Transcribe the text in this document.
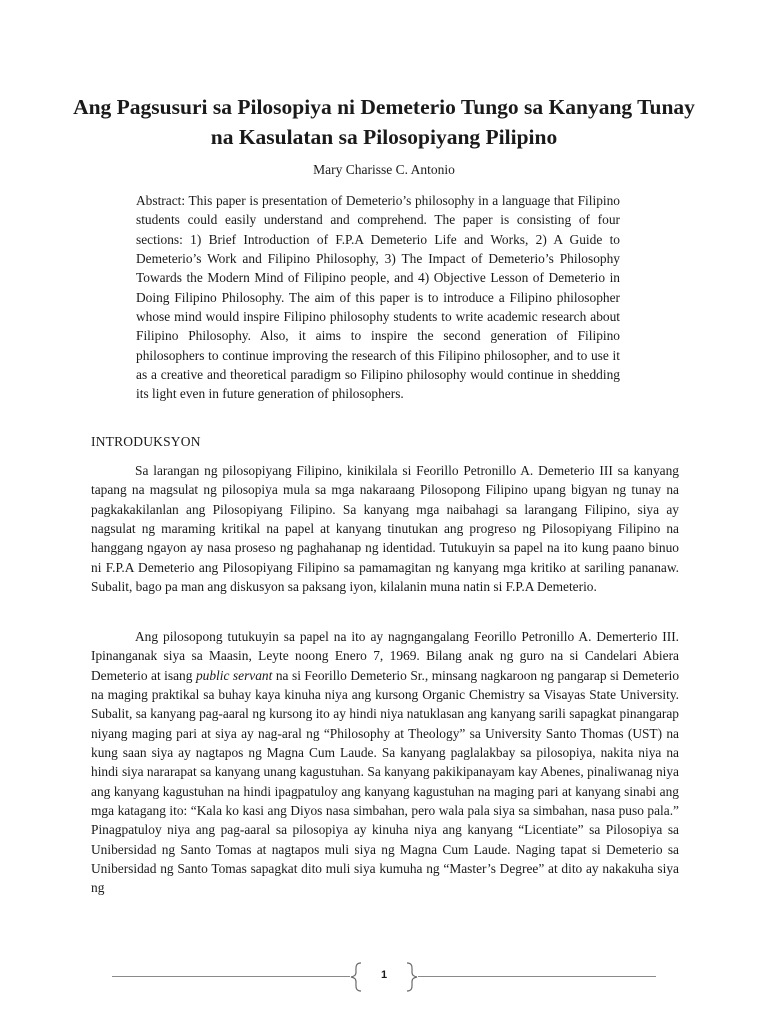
Ang Pagsusuri sa Pilosopiya ni Demeterio Tungo sa Kanyang Tunay na Kasulatan sa Pilosopiyang Pilipino

Mary Charisse C. Antonio

Abstract: This paper is presentation of Demeterio’s philosophy in a language that Filipino students could easily understand and comprehend. The paper is consisting of four sections: 1) Brief Introduction of F.P.A Demeterio Life and Works, 2) A Guide to Demeterio’s Work and Filipino Philosophy, 3) The Impact of Demeterio’s Philosophy Towards the Modern Mind of Filipino people, and 4) Objective Lesson of Demeterio in Doing Filipino Philosophy. The aim of this paper is to introduce a Filipino philosopher whose mind would inspire Filipino philosophy students to write academic research about Filipino Philosophy. Also, it aims to inspire the second generation of Filipino philosophers to continue improving the research of this Filipino philosopher, and to use it as a creative and theoretical paradigm so Filipino philosophy would continue in shedding its light even in future generation of philosophers.

INTRODUKSYON

Sa larangan ng pilosopiyang Filipino, kinikilala si Feorillo Petronillo A. Demeterio III sa kanyang tapang na magsulat ng pilosopiya mula sa mga nakaraang Pilosopong Filipino upang bigyan ng tunay na pagkakakilanlan ang Pilosopiyang Filipino. Sa kanyang mga naibahagi sa larangang Filipino, siya ay nagsulat ng maraming kritikal na papel at kanyang tinutukan ang progreso ng Pilosopiyang Filipino na hanggang ngayon ay nasa proseso ng paghahanap ng identidad. Tutukuyin sa papel na ito kung paano binuo ni F.P.A Demeterio ang Pilosopiyang Filipino sa pamamagitan ng kanyang mga kritiko at sariling pananaw. Subalit, bago pa man ang diskusyon sa paksang iyon, kilalanin muna natin si F.P.A Demeterio.

Ang pilosopong tutukuyin sa papel na ito ay nagngangalang Feorillo Petronillo A. Demerterio III. Ipinanganak siya sa Maasin, Leyte noong Enero 7, 1969. Bilang anak ng guro na si Candelari Abiera Demeterio at isang public servant na si Feorillo Demeterio Sr., minsang nagkaroon ng pangarap si Demeterio na maging praktikal sa buhay kaya kinuha niya ang kursong Organic Chemistry sa Visayas State University. Subalit, sa kanyang pag-aaral ng kursong ito ay hindi niya natuklasan ang kanyang sarili sapagkat pinangarap niyang maging pari at siya ay nag-aral ng “Philosophy at Theology” sa University Santo Thomas (UST) na kung saan siya ay nagtapos ng Magna Cum Laude. Sa kanyang paglalakbay sa pilosopiya, nakita niya na hindi siya nararapat sa kanyang unang kagustuhan. Sa kanyang pakikipanayam kay Abenes, pinaliwanag niya ang kanyang kagustuhan na hindi ipagpatuloy ang kanyang kagustuhan na maging pari at kanyang sinabi ang mga katagang ito: “Kala ko kasi ang Diyos nasa simbahan, pero wala pala siya sa simbahan, nasa puso pala.” Pinagpatuloy niya ang pag-aaral sa pilosopiya ay kinuha niya ang kanyang “Licentiate” sa Pilosopiya sa Unibersidad ng Santo Tomas at nagtapos muli siya ng Magna Cum Laude. Naging tapat si Demeterio sa Unibersidad ng Santo Tomas sapagkat dito muli siya kumuha ng “Master’s Degree” at dito ay nakakuha siya ng

1
